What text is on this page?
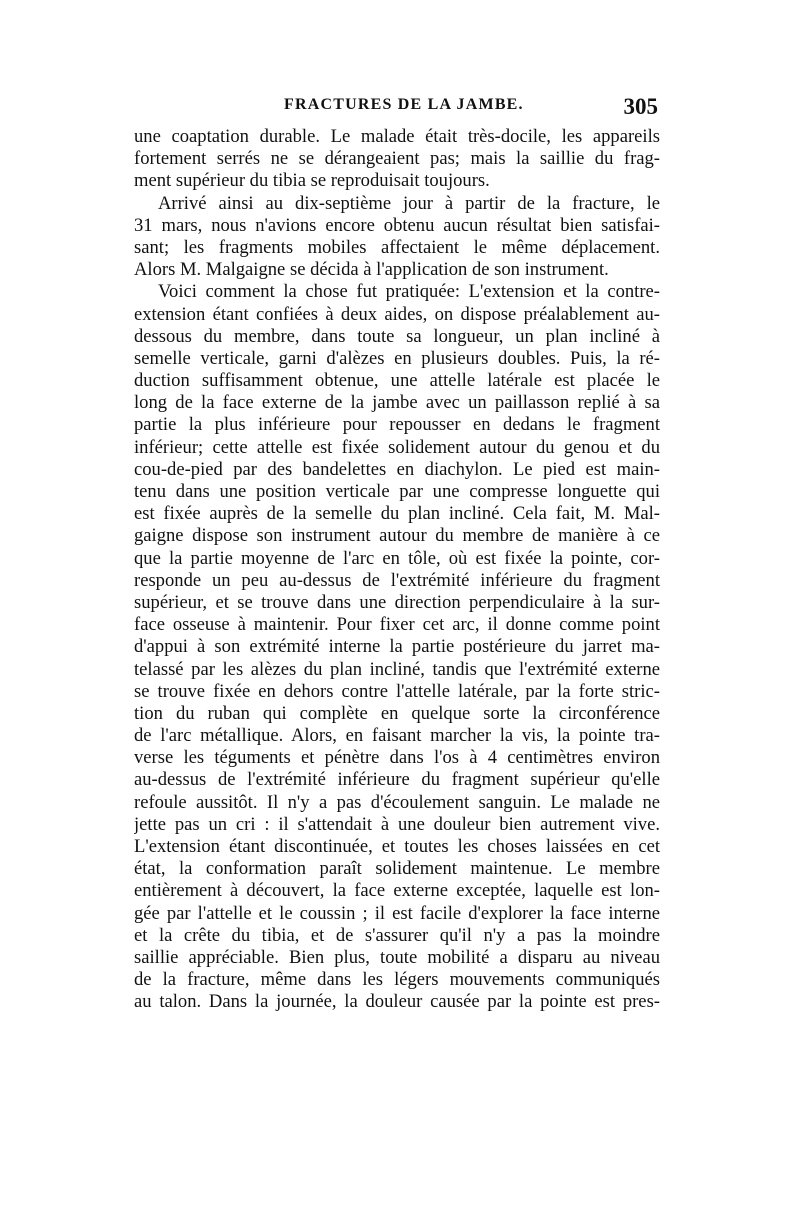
FRACTURES DE LA JAMBE.	305
une coaptation durable. Le malade était très-docile, les appareils
fortement serrés ne se dérangeaient pas; mais la saillie du frag-
ment supérieur du tibia se reproduisait toujours.
Arrivé ainsi au dix-septième jour à partir de la fracture, le
31 mars, nous n'avions encore obtenu aucun résultat bien satisfai-
sant; les fragments mobiles affectaient le même déplacement.
Alors M. Malgaigne se décida à l'application de son instrument.
Voici comment la chose fut pratiquée: L'extension et la contre-
extension étant confiées à deux aides, on dispose préalablement au-
dessous du membre, dans toute sa longueur, un plan incliné à
semelle verticale, garni d'alèzes en plusieurs doubles. Puis, la ré-
duction suffisamment obtenue, une attelle latérale est placée le
long de la face externe de la jambe avec un paillasson replié à sa
partie la plus inférieure pour repousser en dedans le fragment
inférieur; cette attelle est fixée solidement autour du genou et du
cou-de-pied par des bandelettes en diachylon. Le pied est main-
tenu dans une position verticale par une compresse longuette qui
est fixée auprès de la semelle du plan incliné. Cela fait, M. Mal-
gaigne dispose son instrument autour du membre de manière à ce
que la partie moyenne de l'arc en tôle, où est fixée la pointe, cor-
responde un peu au-dessus de l'extrémité inférieure du fragment
supérieur, et se trouve dans une direction perpendiculaire à la sur-
face osseuse à maintenir. Pour fixer cet arc, il donne comme point
d'appui à son extrémité interne la partie postérieure du jarret ma-
telassé par les alèzes du plan incliné, tandis que l'extrémité externe
se trouve fixée en dehors contre l'attelle latérale, par la forte stric-
tion du ruban qui complète en quelque sorte la circonférence
de l'arc métallique. Alors, en faisant marcher la vis, la pointe tra-
verse les téguments et pénètre dans l'os à 4 centimètres environ
au-dessus de l'extrémité inférieure du fragment supérieur qu'elle
refoule aussitôt. Il n'y a pas d'écoulement sanguin. Le malade ne
jette pas un cri : il s'attendait à une douleur bien autrement vive.
L'extension étant discontinuée, et toutes les choses laissées en cet
état, la conformation paraît solidement maintenue. Le membre
entièrement à découvert, la face externe exceptée, laquelle est lon-
gée par l'attelle et le coussin ; il est facile d'explorer la face interne
et la crête du tibia, et de s'assurer qu'il n'y a pas la moindre
saillie appréciable. Bien plus, toute mobilité a disparu au niveau
de la fracture, même dans les légers mouvements communiqués
au talon. Dans la journée, la douleur causée par la pointe est pres-
